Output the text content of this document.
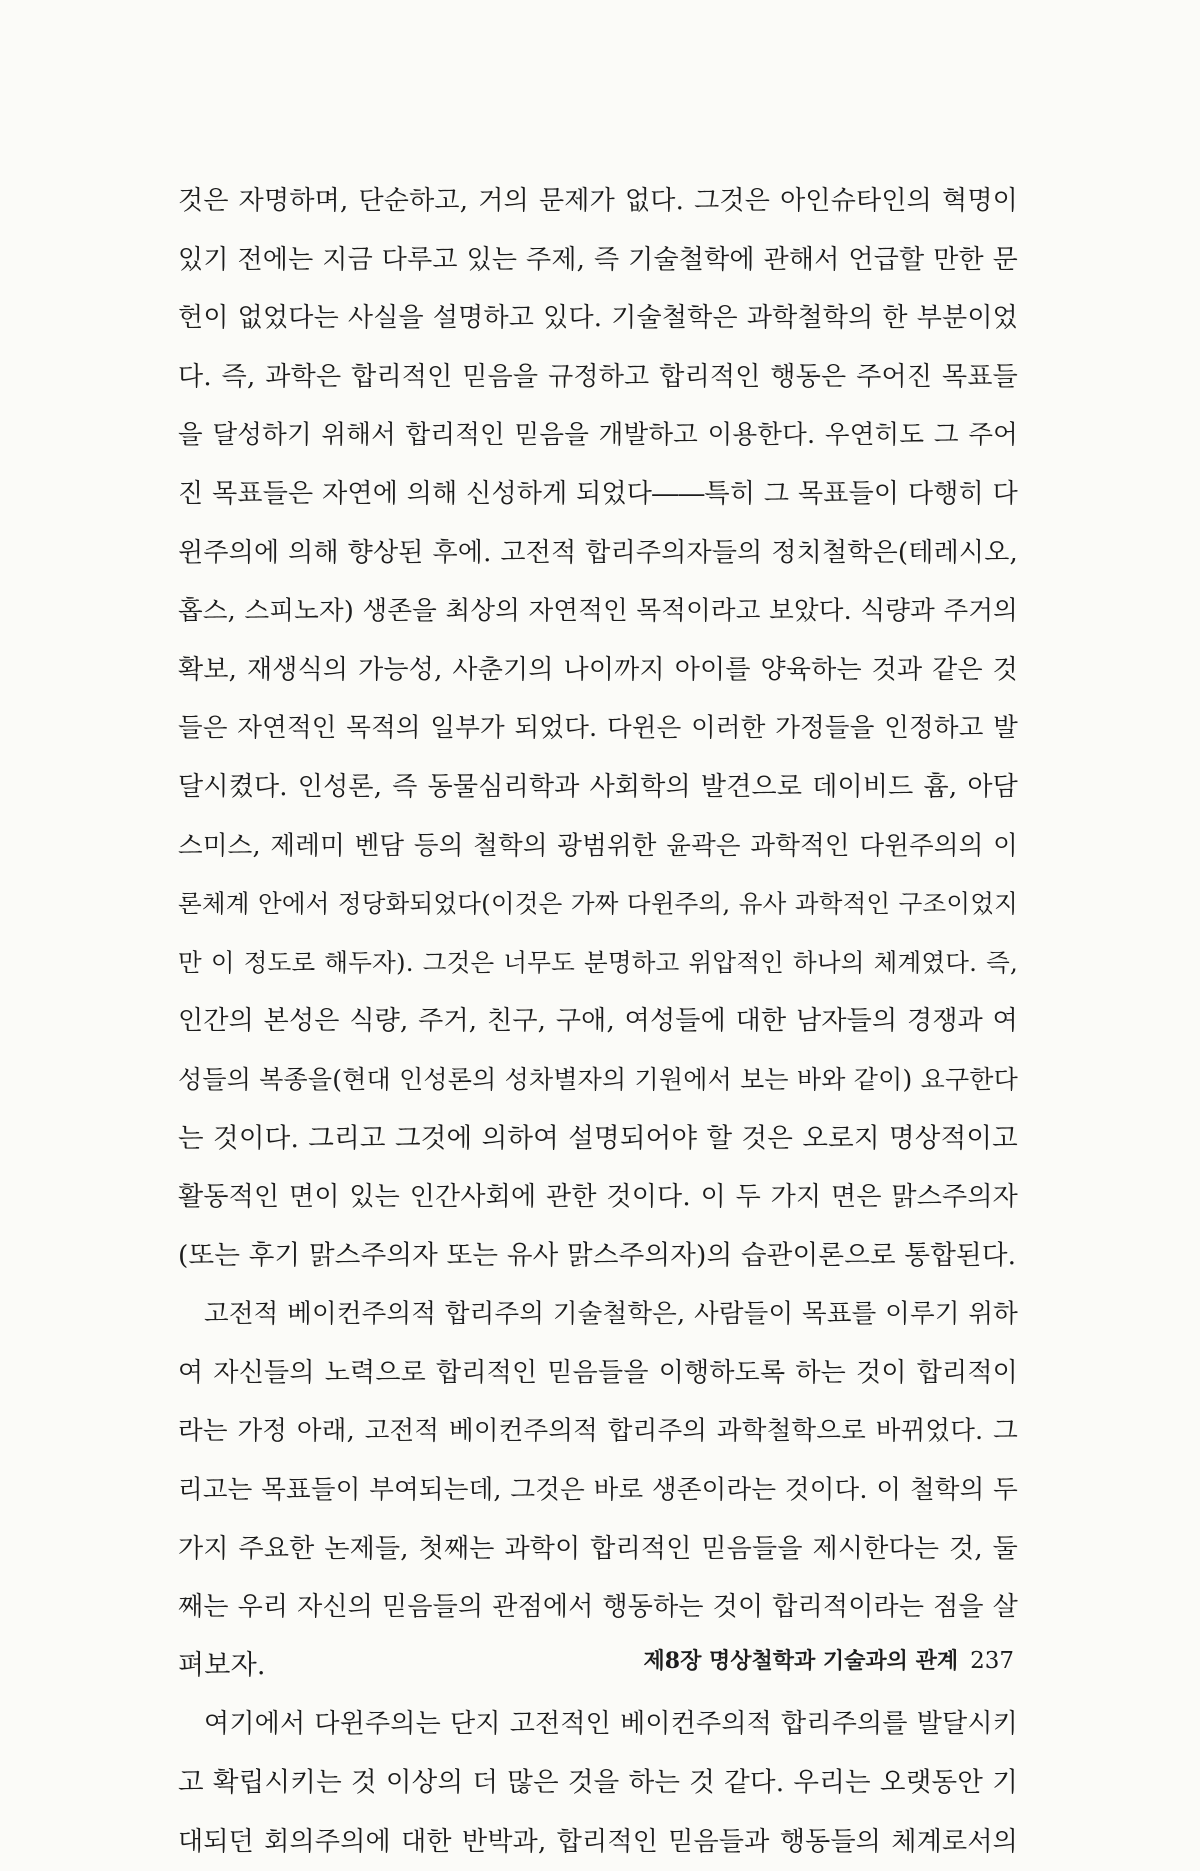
것은 자명하며, 단순하고, 거의 문제가 없다. 그것은 아인슈타인의 혁명이
있기 전에는 지금 다루고 있는 주제, 즉 기술철학에 관해서 언급할 만한 문
헌이 없었다는 사실을 설명하고 있다. 기술철학은 과학철학의 한 부분이었
다. 즉, 과학은 합리적인 믿음을 규정하고 합리적인 행동은 주어진 목표들
을 달성하기 위해서 합리적인 믿음을 개발하고 이용한다. 우연히도 그 주어
진 목표들은 자연에 의해 신성하게 되었다――특히 그 목표들이 다행히 다
윈주의에 의해 향상된 후에. 고전적 합리주의자들의 정치철학은(테레시오,
홉스, 스피노자) 생존을 최상의 자연적인 목적이라고 보았다. 식량과 주거의
확보, 재생식의 가능성, 사춘기의 나이까지 아이를 양육하는 것과 같은 것
들은 자연적인 목적의 일부가 되었다. 다윈은 이러한 가정들을 인정하고 발
달시켰다. 인성론, 즉 동물심리학과 사회학의 발견으로 데이비드 흄, 아담
스미스, 제레미 벤담 등의 철학의 광범위한 윤곽은 과학적인 다윈주의의 이
론체계 안에서 정당화되었다(이것은 가짜 다윈주의, 유사 과학적인 구조이었지
만 이 정도로 해두자). 그것은 너무도 분명하고 위압적인 하나의 체계였다. 즉,
인간의 본성은 식량, 주거, 친구, 구애, 여성들에 대한 남자들의 경쟁과 여
성들의 복종을(현대 인성론의 성차별자의 기원에서 보는 바와 같이) 요구한다
는 것이다. 그리고 그것에 의하여 설명되어야 할 것은 오로지 명상적이고
활동적인 면이 있는 인간사회에 관한 것이다. 이 두 가지 면은 맑스주의자
(또는 후기 맑스주의자 또는 유사 맑스주의자)의 습관이론으로 통합된다.
고전적 베이컨주의적 합리주의 기술철학은, 사람들이 목표를 이루기 위하
여 자신들의 노력으로 합리적인 믿음들을 이행하도록 하는 것이 합리적이
라는 가정 아래, 고전적 베이컨주의적 합리주의 과학철학으로 바뀌었다. 그
리고는 목표들이 부여되는데, 그것은 바로 생존이라는 것이다. 이 철학의 두
가지 주요한 논제들, 첫째는 과학이 합리적인 믿음들을 제시한다는 것, 둘
째는 우리 자신의 믿음들의 관점에서 행동하는 것이 합리적이라는 점을 살
펴보자.
여기에서 다윈주의는 단지 고전적인 베이컨주의적 합리주의를 발달시키
고 확립시키는 것 이상의 더 많은 것을 하는 것 같다. 우리는 오랫동안 기
대되던 회의주의에 대한 반박과, 합리적인 믿음들과 행동들의 체계로서의
제8장 명상철학과 기술과의 관계 237
